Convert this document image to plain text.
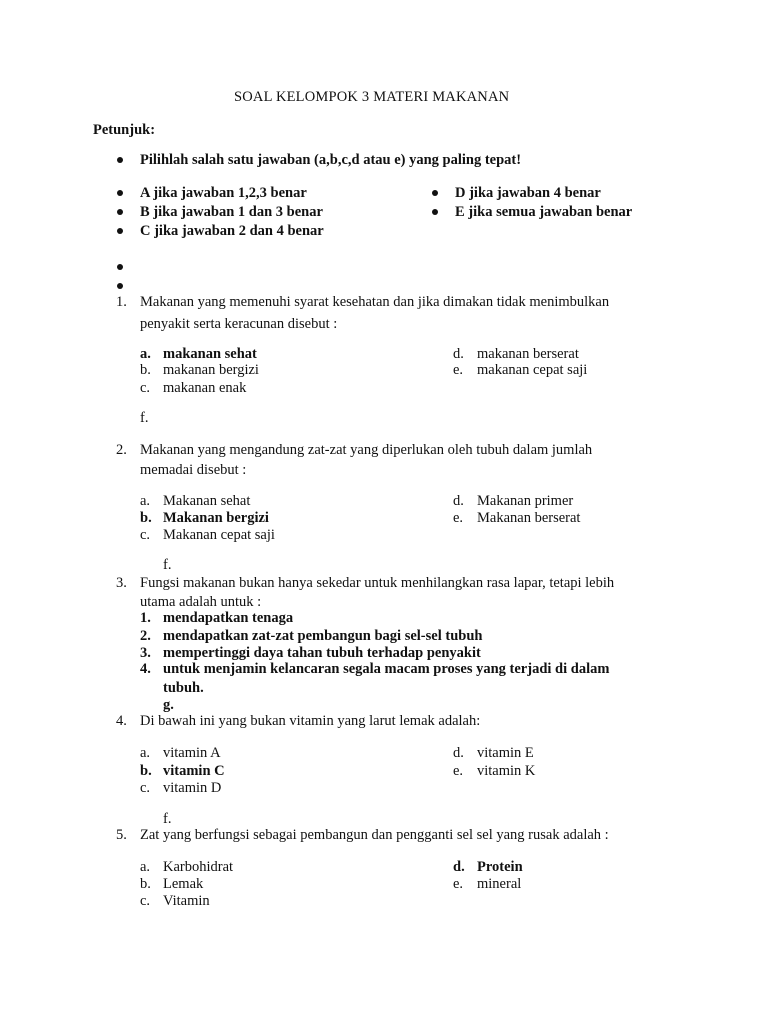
SOAL KELOMPOK 3 MATERI MAKANAN
Petunjuk:
Pilihlah salah satu jawaban (a,b,c,d atau e) yang paling tepat!
A jika jawaban 1,2,3 benar
B jika jawaban 1 dan 3 benar
C jika jawaban 2 dan 4 benar
D jika jawaban 4 benar
E jika semua jawaban benar
1. Makanan yang memenuhi syarat kesehatan dan jika dimakan tidak menimbulkan
penyakit serta keracunan disebut :
a. makanan sehat
b. makanan bergizi
c. makanan enak
d. makanan berserat
e. makanan cepat saji
f.
2. Makanan yang mengandung zat-zat yang diperlukan oleh tubuh dalam jumlah
memadai disebut :
a. Makanan sehat
b. Makanan bergizi
c. Makanan cepat saji
d. Makanan primer
e. Makanan berserat
f.
3. Fungsi makanan bukan hanya sekedar untuk menhilangkan rasa lapar, tetapi lebih
utama adalah untuk :
1. mendapatkan tenaga
2. mendapatkan zat-zat pembangun bagi sel-sel tubuh
3. mempertinggi daya tahan tubuh terhadap penyakit
4. untuk menjamin kelancaran segala macam proses yang terjadi di dalam
tubuh.
g.
4. Di bawah ini yang bukan vitamin yang larut lemak adalah:
a. vitamin A
b. vitamin C
c. vitamin D
d. vitamin E
e. vitamin K
f.
5. Zat yang berfungsi sebagai pembangun dan pengganti sel sel yang rusak adalah :
a. Karbohidrat
b. Lemak
c. Vitamin
d. Protein
e. mineral
